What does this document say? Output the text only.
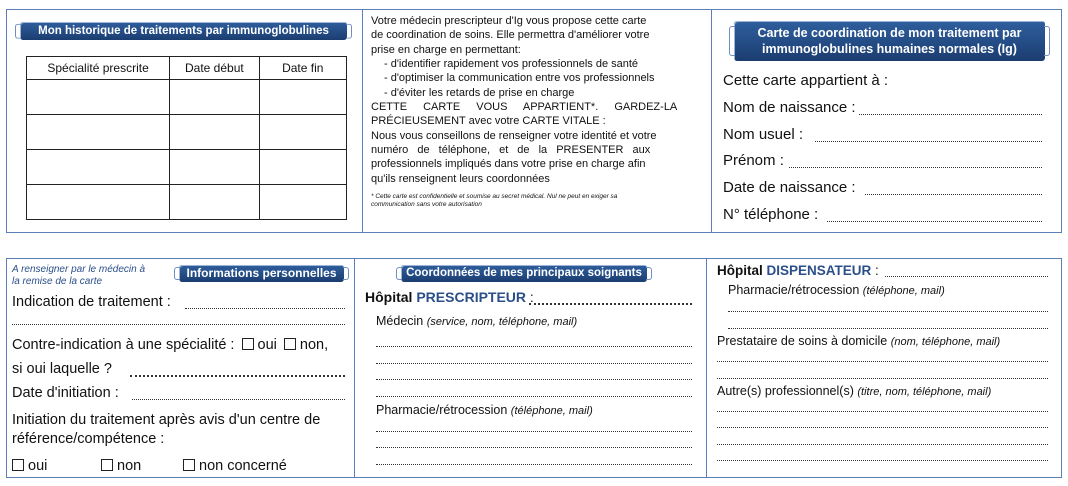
Mon historique de traitements par immunoglobulines
Spécialité prescrite	Date début	Date fin

Votre médecin prescripteur d'Ig vous propose cette carte
de coordination de soins. Elle permettra d'améliorer votre
prise en charge en permettant:
- d'identifier rapidement vos professionnels de santé
- d'optimiser la communication entre vos professionnels
- d'éviter les retards de prise en charge
CETTE CARTE VOUS APPARTIENT*. GARDEZ-LA
PRÉCIEUSEMENT avec votre CARTE VITALE :
Nous vous conseillons de renseigner votre identité et votre
numéro de téléphone, et de la PRESENTER aux
professionnels impliqués dans votre prise en charge afin
qu'ils renseignent leurs coordonnées
* Cette carte est confidentielle et soumise au secret médical. Nul ne peut en exiger sa
communication sans votre autorisation
Carte de coordination de mon traitement par
immunoglobulines humaines normales (Ig)
Cette carte appartient à :
Nom de naissance :
Nom usuel :
Prénom :
Date de naissance :
N° téléphone :
A renseigner par le médecin à
la remise de la carte
Informations personnelles
Indication de traitement :
Contre-indication à une spécialité : oui non,
si oui laquelle ?
Date d'initiation :
Initiation du traitement après avis d'un centre de
référence/compétence :
oui	non	non concerné
Coordonnées de mes principaux soignants
Hôpital PRESCRIPTEUR :
Médecin (service, nom, téléphone, mail)
Pharmacie/rétrocession (téléphone, mail)
Hôpital DISPENSATEUR :
Pharmacie/rétrocession (téléphone, mail)
Prestataire de soins à domicile (nom, téléphone, mail)
Autre(s) professionnel(s) (titre, nom, téléphone, mail)
